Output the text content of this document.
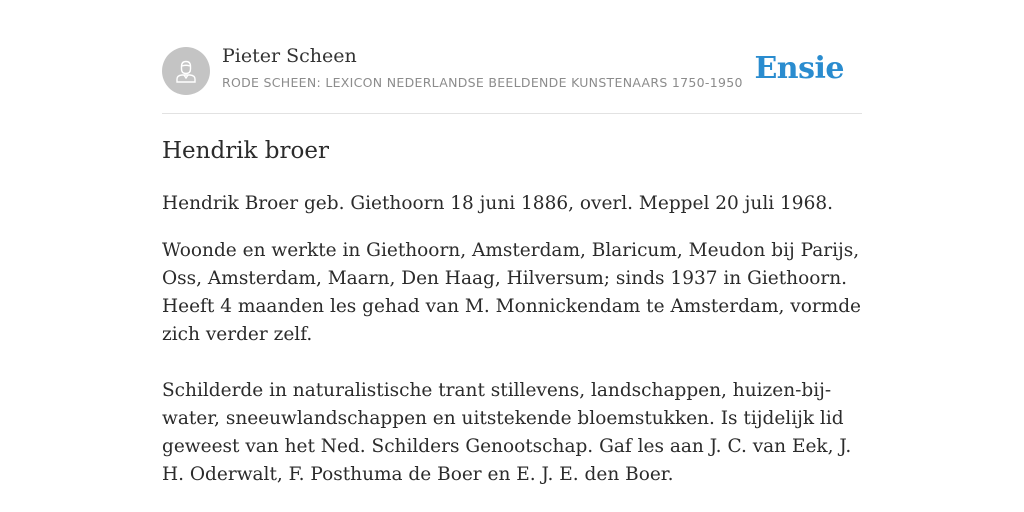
Pieter Scheen
RODE SCHEEN: LEXICON NEDERLANDSE BEELDENDE KUNSTENAARS 1750-1950 Ensie
Hendrik broer

Hendrik Broer geb. Giethoorn 18 juni 1886, overl. Meppel 20 juli 1968.

Woonde en werkte in Giethoorn, Amsterdam, Blaricum, Meudon bij Parijs, Oss, Amsterdam, Maarn, Den Haag, Hilversum; sinds 1937 in Giethoorn. Heeft 4 maanden les gehad van M. Monnickendam te Amsterdam, vormde zich verder zelf.

Schilderde in naturalistische trant stillevens, landschappen, huizen-bij-water, sneeuwlandschappen en uitstekende bloemstukken. Is tijdelijk lid geweest van het Ned. Schilders Genootschap. Gaf les aan J. C. van Eek, J. H. Oderwalt, F. Posthuma de Boer en E. J. E. den Boer.
